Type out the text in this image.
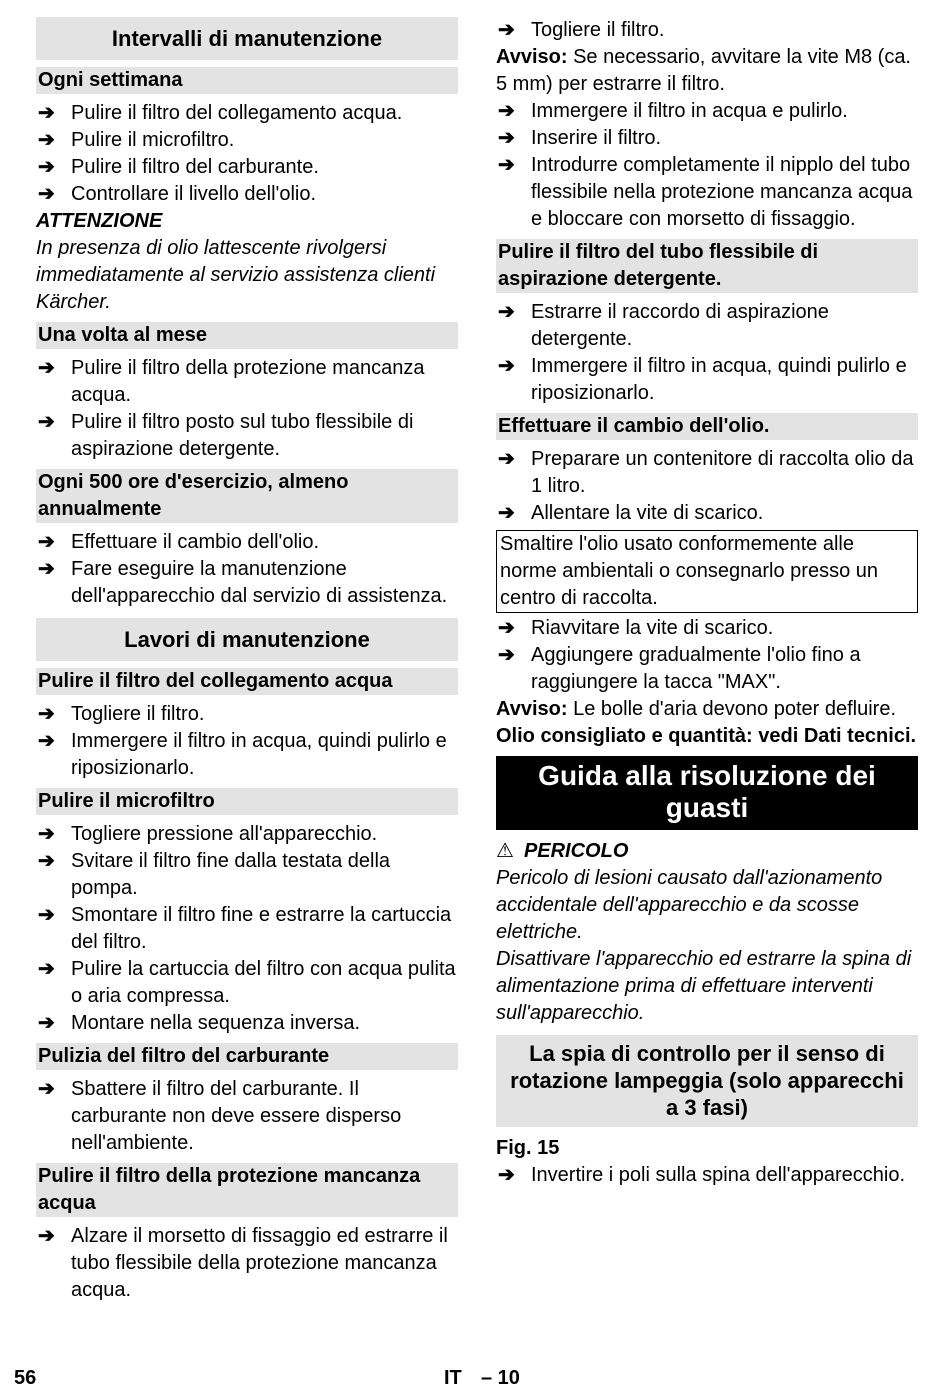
Intervalli di manutenzione
Ogni settimana
➔ Pulire il filtro del collegamento acqua.
➔ Pulire il microfiltro.
➔ Pulire il filtro del carburante.
➔ Controllare il livello dell'olio.
ATTENZIONE
In presenza di olio lattescente rivolgersi immediatamente al servizio assistenza clienti Kärcher.
Una volta al mese
➔ Pulire il filtro della protezione mancanza acqua.
➔ Pulire il filtro posto sul tubo flessibile di aspirazione detergente.
Ogni 500 ore d'esercizio, almeno annualmente
➔ Effettuare il cambio dell'olio.
➔ Fare eseguire la manutenzione dell'apparecchio dal servizio di assistenza.
Lavori di manutenzione
Pulire il filtro del collegamento acqua
➔ Togliere il filtro.
➔ Immergere il filtro in acqua, quindi pulirlo e riposizionarlo.
Pulire il microfiltro
➔ Togliere pressione all'apparecchio.
➔ Svitare il filtro fine dalla testata della pompa.
➔ Smontare il filtro fine e estrarre la cartuccia del filtro.
➔ Pulire la cartuccia del filtro con acqua pulita o aria compressa.
➔ Montare nella sequenza inversa.
Pulizia del filtro del carburante
➔ Sbattere il filtro del carburante. Il carburante non deve essere disperso nell'ambiente.
Pulire il filtro della protezione mancanza acqua
➔ Alzare il morsetto di fissaggio ed estrarre il tubo flessibile della protezione mancanza acqua.
➔ Togliere il filtro.
Avviso: Se necessario, avvitare la vite M8 (ca. 5 mm) per estrarre il filtro.
➔ Immergere il filtro in acqua e pulirlo.
➔ Inserire il filtro.
➔ Introdurre completamente il nipplo del tubo flessibile nella protezione mancanza acqua e bloccare con morsetto di fissaggio.
Pulire il filtro del tubo flessibile di aspirazione detergente.
➔ Estrarre il raccordo di aspirazione detergente.
➔ Immergere il filtro in acqua, quindi pulirlo e riposizionarlo.
Effettuare il cambio dell'olio.
➔ Preparare un contenitore di raccolta olio da 1 litro.
➔ Allentare la vite di scarico.
Smaltire l'olio usato conformemente alle norme ambientali o consegnarlo presso un centro di raccolta.
➔ Riavvitare la vite di scarico.
➔ Aggiungere gradualmente l'olio fino a raggiungere la tacca "MAX".
Avviso: Le bolle d'aria devono poter defluire.
Olio consigliato e quantità: vedi Dati tecnici.
Guida alla risoluzione dei guasti
⚠ PERICOLO
Pericolo di lesioni causato dall'azionamento accidentale dell'apparecchio e da scosse elettriche.
Disattivare l'apparecchio ed estrarre la spina di alimentazione prima di effettuare interventi sull'apparecchio.
La spia di controllo per il senso di rotazione lampeggia (solo apparecchi a 3 fasi)
Fig. 15
➔ Invertire i poli sulla spina dell'apparecchio.
56	IT – 10
